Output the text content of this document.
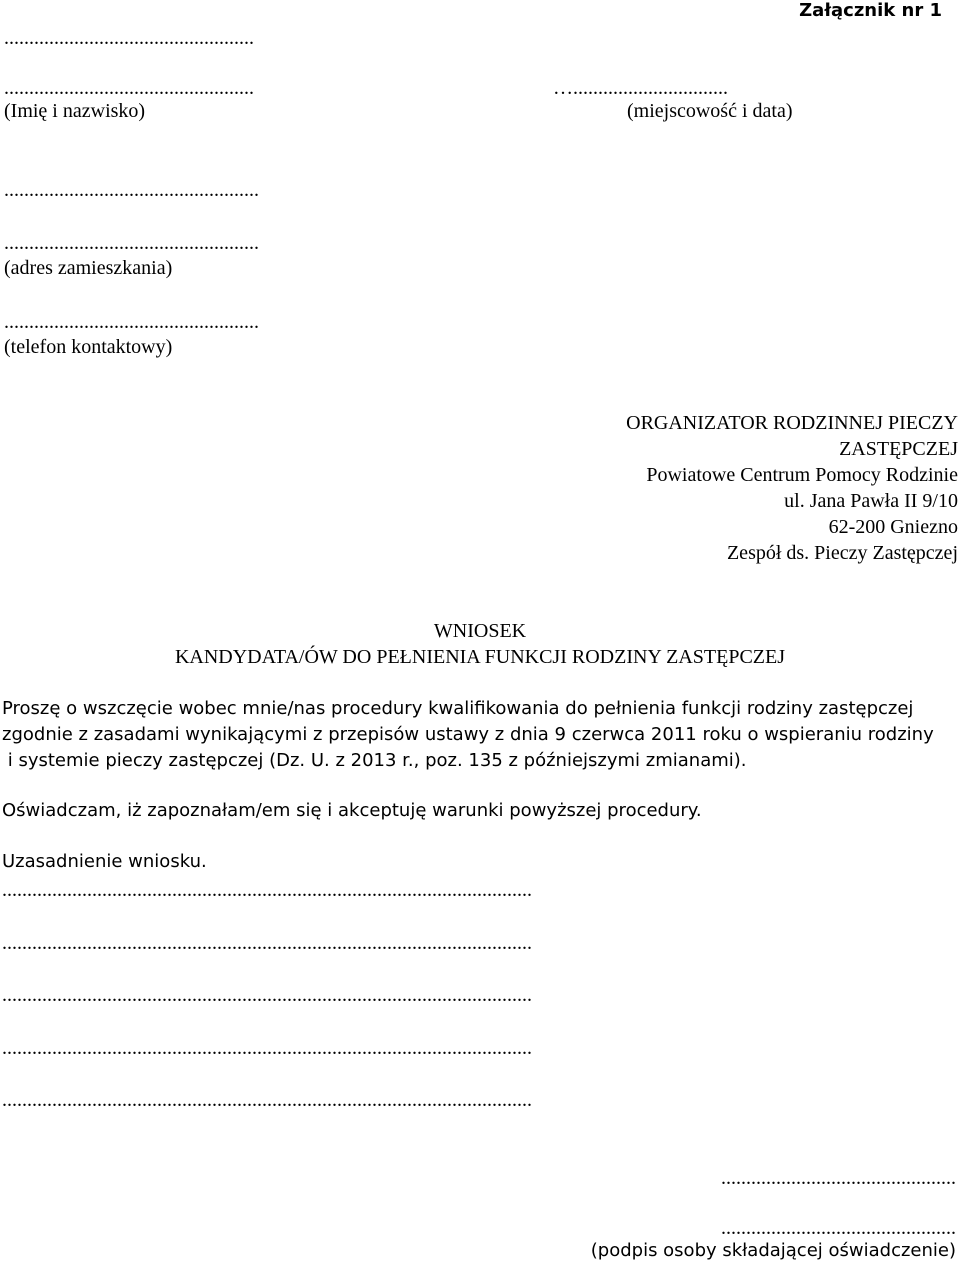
Załącznik nr 1
..................................................
..................................................	…...............................
(Imię i nazwisko)	(miejscowość i data)
...................................................
...................................................
(adres zamieszkania)
...................................................
(telefon kontaktowy)
ORGANIZATOR RODZINNEJ PIECZY
ZASTĘPCZEJ
Powiatowe Centrum Pomocy Rodzinie
ul. Jana Pawła II 9/10
62-200 Gniezno
Zespół ds. Pieczy Zastępczej
WNIOSEK
KANDYDATA/ÓW DO PEŁNIENIA FUNKCJI RODZINY ZASTĘPCZEJ
Proszę o wszczęcie wobec mnie/nas procedury kwalifikowania do pełnienia funkcji rodziny zastępczej
zgodnie z zasadami wynikającymi z przepisów ustawy z dnia 9 czerwca 2011 roku o wspieraniu rodziny
i systemie pieczy zastępczej (Dz. U. z 2013 r., poz. 135 z późniejszymi zmianami).
Oświadczam, iż zapoznałam/em się i akceptuję warunki powyższej procedury.
Uzasadnienie wniosku.
..........................................................................................................
..........................................................................................................
..........................................................................................................
..........................................................................................................
..........................................................................................................
...............................................
...............................................
(podpis osoby składającej oświadczenie)
